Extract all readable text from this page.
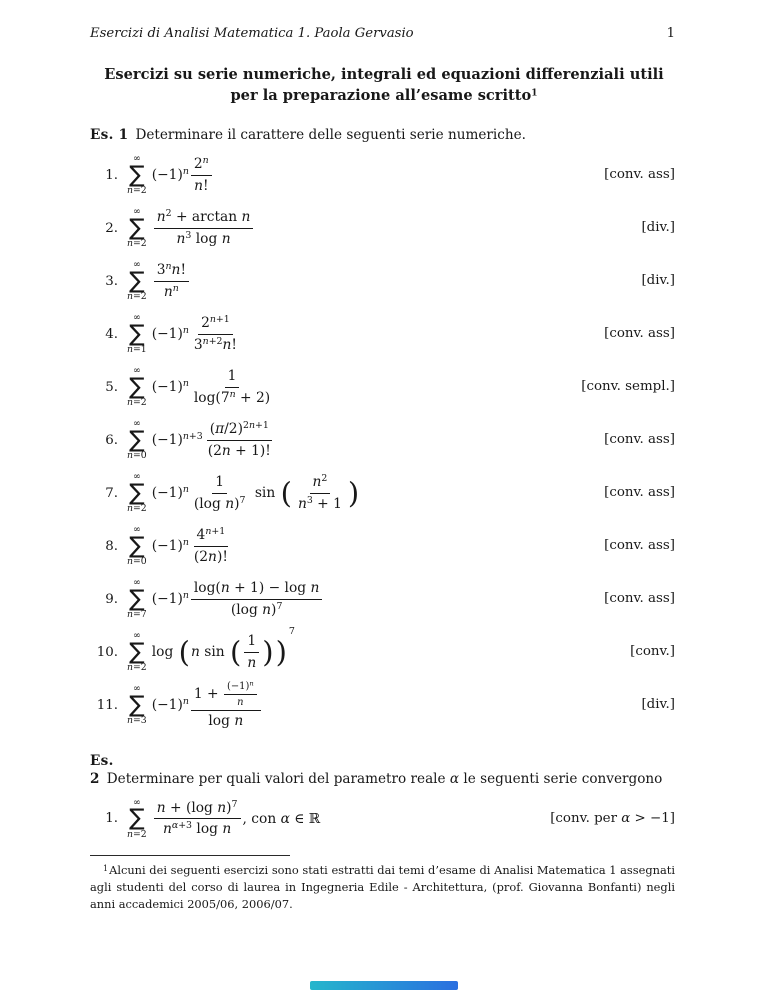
Esercizi di Analisi Matematica 1. Paola Gervasio	1
Esercizi su serie numeriche, integrali ed equazioni differenziali utili per la preparazione all’esame scritto$^1$

Es. 1 Determinare il carattere delle seguenti serie numeriche.

1.
∞
∑
n=2
$(-1)^n \frac{2^n}{n!}$	[conv. ass]
2.
∞
∑
$n=2 \frac{n^2 + \arctan n}{n^3 \log n}$	[div.]
3.
∞
∑
$n=2 \frac{3^nn!}{n^n}$	[div.]
4.
∞
∑
n=1
$(-1)^n \frac{2^{n+1}}{3^{n+2}n!}$	[conv. ass]
5.
∞
∑
n=2
$(-1)^n \frac{1}{\log(7^n + 2)}$	[conv. sempl.]
6.
∞
∑
n=0
$(-1)^{n+3} \frac{(\pi/2)^{2n+1}}{(2n + 1)!}$	[conv. ass]
7.
∞
∑
n=2
$(-1)^n \frac{1}{(\log n)^7}$ sin ( $\frac{n^2}{n^3 + 1}$ )	[conv. ass]
8.
∞
∑
n=0
$(-1)^n \frac{4^{n+1}}{(2n)!}$	[conv. ass]
9.
∞
∑
n=7
$(-1)^n \frac{\text{log(n + 1) − log n}}{(\log n)^7}$	[conv. ass]
10.
∞
∑
n=2
log ( n sin ( $\frac{1}{n}$ ) )
7
[conv.]
11.
∞
∑
n=3
$(-1)^n \frac{1 + \frac{(-1)^n}{n}}{\text{log n}}$	[div.]

Es. 2 Determinare per quali valori del parametro reale α le seguenti serie convergono

1.
∞
∑
$n=2 \frac{n + (\log n)^7}{n^{\alpha+3} \log n}$ , con α ∈ ℝ	[conv. per α > −1]

$^1$Alcuni dei seguenti esercizi sono stati estratti dai temi d’esame di Analisi Matematica 1 assegnati agli studenti del corso di laurea in Ingegneria Edile - Architettura, (prof. Giovanna Bonfanti) negli anni accademici 2005/06, 2006/07.
